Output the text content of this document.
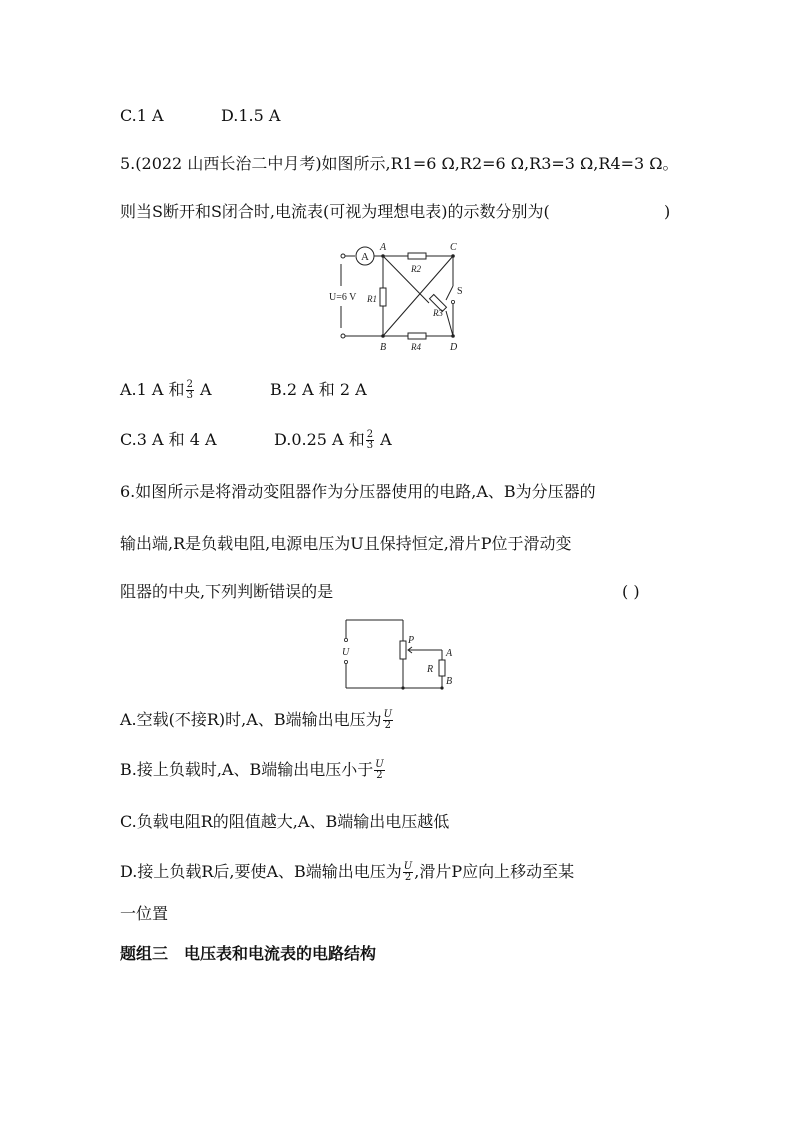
C.1 A	D.1.5 A
5.(2022 山西长治二中月考)如图所示,R1=6 Ω,R2=6 Ω,R3=3 Ω,R4=3 Ω。
则当S断开和S闭合时,电流表(可视为理想电表)的示数分别为(	)
A
U=6 V
A
B
C
D
R1
R2
R3
R4
S
A.1 A 和 $\frac{2}{3}$ A	B.2 A 和 2 A
C.3 A 和 4 A	D.0.25 A 和 $\frac{2}{3}$ A
6.如图所示是将滑动变阻器作为分压器使用的电路,A、B为分压器的
输出端,R是负载电阻,电源电压为U且保持恒定,滑片P位于滑动变
阻器的中央,下列判断错误的是	( )
U
P
R
A
B
A.空载(不接R)时,A、B端输出电压为 $\frac{U}{2}$
B.接上负载时,A、B端输出电压小于 $\frac{U}{2}$
C.负载电阻R的阻值越大,A、B端输出电压越低
D.接上负载R后,要使A、B端输出电压为 $\frac{U}{2}$ ,滑片P应向上移动至某
一位置
题组三　电压表和电流表的电路结构
